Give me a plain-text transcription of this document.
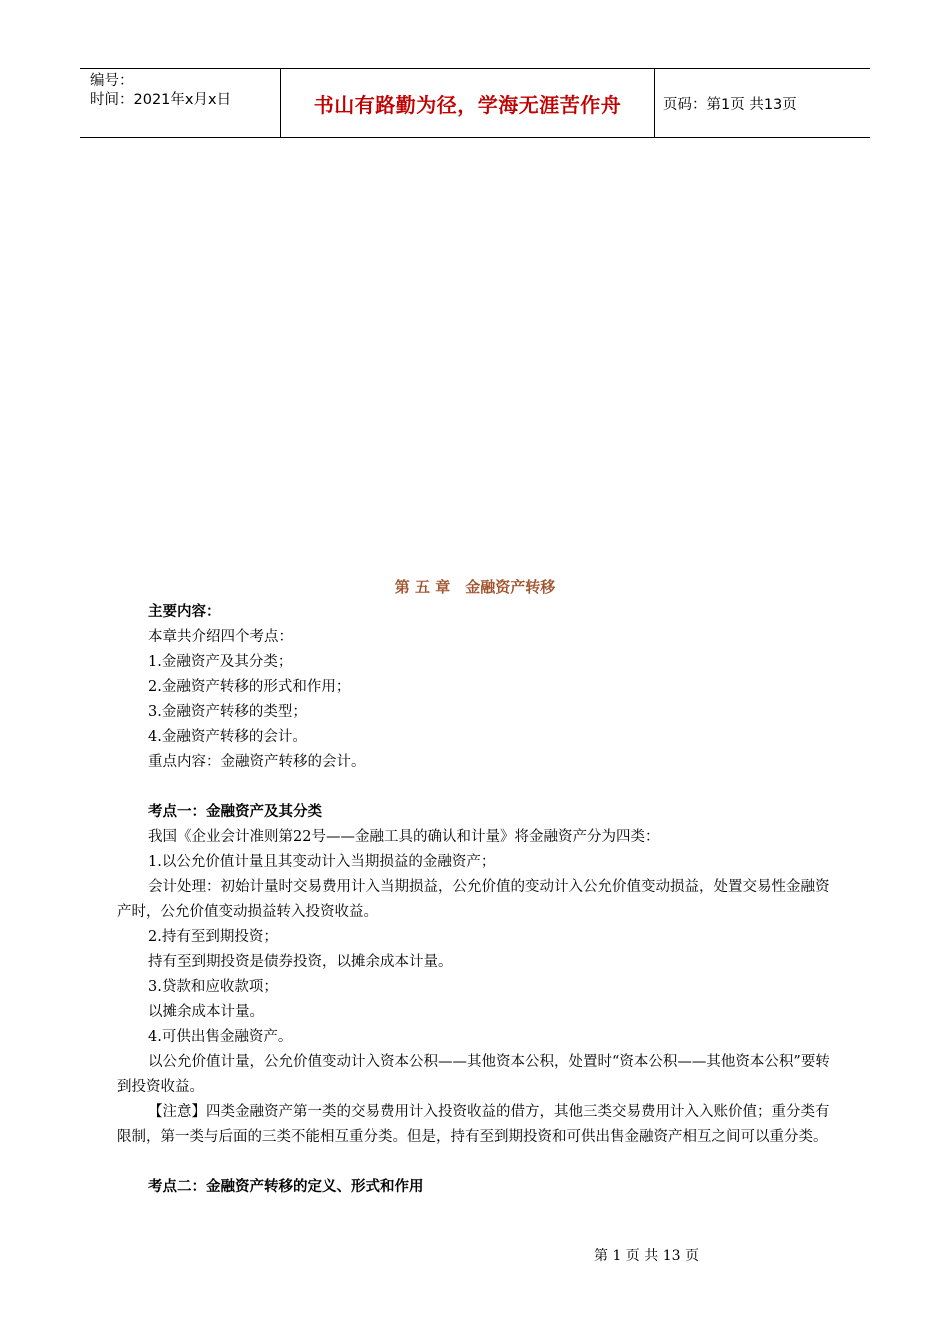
编号：
时间：2021年x月x日	书山有路勤为径，学海无涯苦作舟	页码：第1页 共13页
第 五 章　金融资产转移

主要内容：

本章共介绍四个考点：

1.金融资产及其分类；

2.金融资产转移的形式和作用；

3.金融资产转移的类型；

4.金融资产转移的会计。

重点内容：金融资产转移的会计。

考点一：金融资产及其分类

我国《企业会计准则第22号——金融工具的确认和计量》将金融资产分为四类：

1.以公允价值计量且其变动计入当期损益的金融资产；

会计处理：初始计量时交易费用计入当期损益，公允价值的变动计入公允价值变动损益，处置交易性金融资产时，公允价值变动损益转入投资收益。

2.持有至到期投资；

持有至到期投资是债券投资，以摊余成本计量。

3.贷款和应收款项；

以摊余成本计量。

4.可供出售金融资产。

以公允价值计量，公允价值变动计入资本公积——其他资本公积，处置时“资本公积——其他资本公积”要转到投资收益。

【注意】四类金融资产第一类的交易费用计入投资收益的借方，其他三类交易费用计入入账价值；重分类有限制，第一类与后面的三类不能相互重分类。但是，持有至到期投资和可供出售金融资产相互之间可以重分类。

考点二：金融资产转移的定义、形式和作用

第 1 页 共 13 页
